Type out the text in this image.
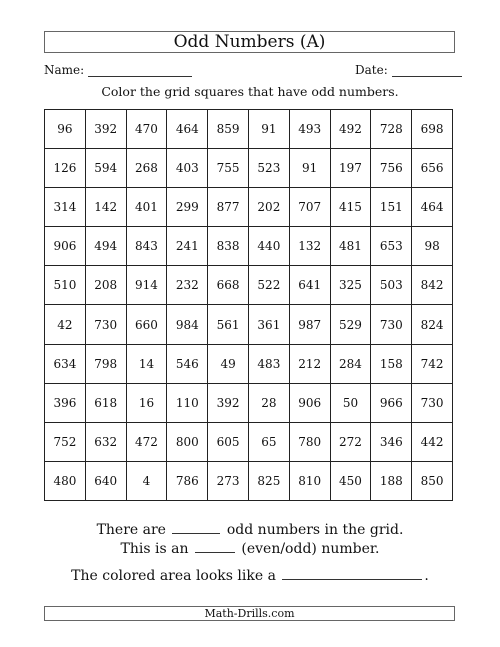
Odd Numbers (A)
Name:	Date:
Color the grid squares that have odd numbers.
96	392	470	464	859	91	493	492	728	698
126	594	268	403	755	523	91	197	756	656
314	142	401	299	877	202	707	415	151	464
906	494	843	241	838	440	132	481	653	98
510	208	914	232	668	522	641	325	503	842
42	730	660	984	561	361	987	529	730	824
634	798	14	546	49	483	212	284	158	742
396	618	16	110	392	28	906	50	966	730
752	632	472	800	605	65	780	272	346	442
480	640	4	786	273	825	810	450	188	850
There are	odd numbers in the grid.
This is an	(even/odd) number.
The colored area looks like a	.
Math-Drills.com
